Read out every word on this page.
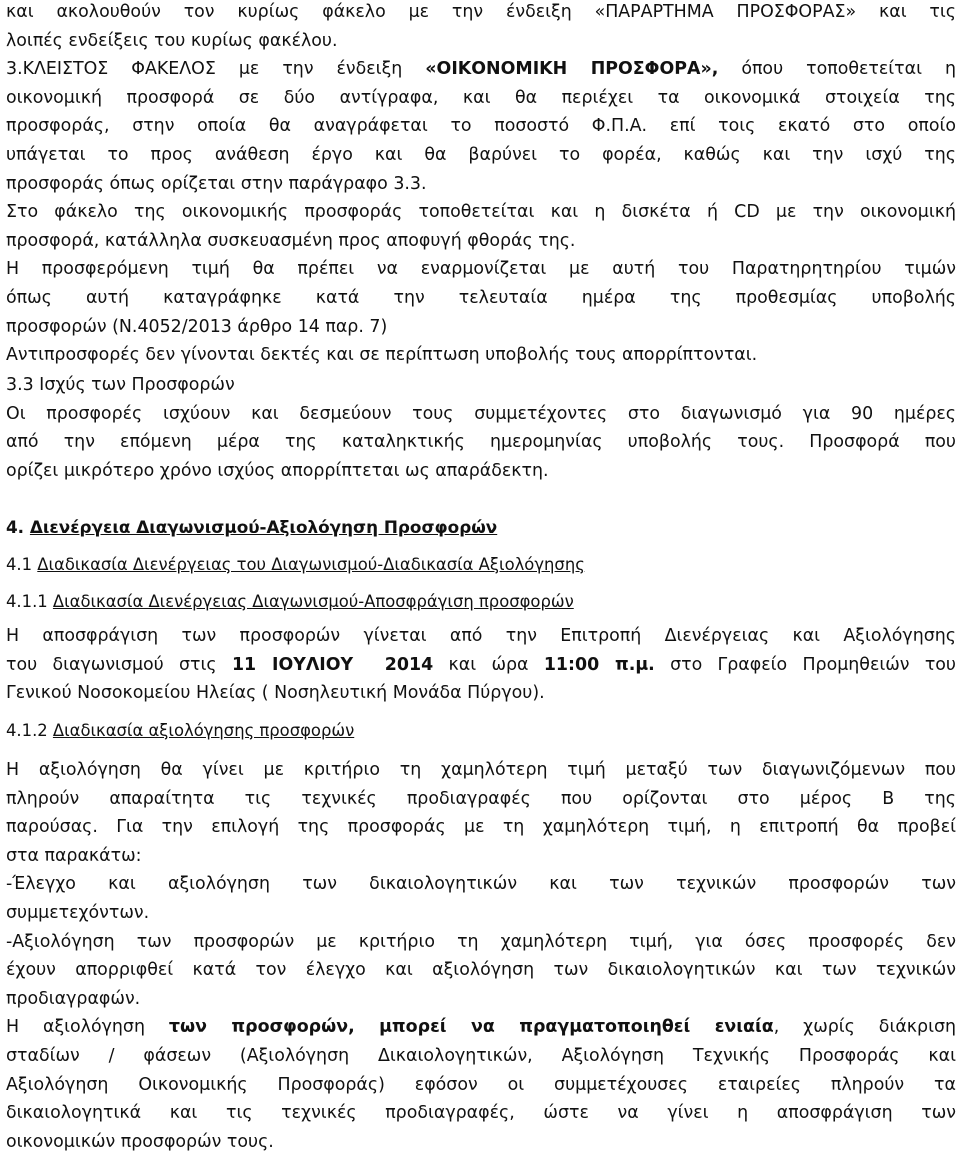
και ακολουθούν τον κυρίως φάκελο με την ένδειξη «ΠΑΡΑΡΤΗΜΑ ΠΡΟΣΦΟΡΑΣ» και τις
λοιπές ενδείξεις του κυρίως φακέλου.
3.ΚΛΕΙΣΤΟΣ ΦΑΚΕΛΟΣ με την ένδειξη «ΟΙΚΟΝΟΜΙΚΗ ΠΡΟΣΦΟΡΑ», όπου τοποθετείται η
οικονομική προσφορά σε δύο αντίγραφα, και θα περιέχει τα οικονομικά στοιχεία της
προσφοράς, στην οποία θα αναγράφεται το ποσοστό Φ.Π.Α. επί τοις εκατό στο οποίο
υπάγεται το προς ανάθεση έργο και θα βαρύνει το φορέα, καθώς και την ισχύ της
προσφοράς όπως ορίζεται στην παράγραφο 3.3.
Στο φάκελο της οικονομικής προσφοράς τοποθετείται και η δισκέτα ή CD με την οικονομική
προσφορά, κατάλληλα συσκευασμένη προς αποφυγή φθοράς της.
Η προσφερόμενη τιμή θα πρέπει να εναρμονίζεται με αυτή του Παρατηρητηρίου τιμών
όπως αυτή καταγράφηκε κατά την τελευταία ημέρα της προθεσμίας υποβολής
προσφορών (Ν.4052/2013 άρθρο 14 παρ. 7)
Αντιπροσφορές δεν γίνονται δεκτές και σε περίπτωση υποβολής τους απορρίπτονται.
3.3 Ισχύς των Προσφορών
Οι προσφορές ισχύουν και δεσμεύουν τους συμμετέχοντες στο διαγωνισμό για 90 ημέρες
από την επόμενη μέρα της καταληκτικής ημερομηνίας υποβολής τους. Προσφορά που
ορίζει μικρότερο χρόνο ισχύος απορρίπτεται ως απαράδεκτη.
4. Διενέργεια Διαγωνισμού-Αξιολόγηση Προσφορών
4.1 Διαδικασία Διενέργειας του Διαγωνισμού-Διαδικασία Αξιολόγησης
4.1.1 Διαδικασία Διενέργειας Διαγωνισμού-Αποσφράγιση προσφορών
Η αποσφράγιση των προσφορών γίνεται από την Επιτροπή Διενέργειας και Αξιολόγησης
του διαγωνισμού στις 11 ΙΟΥΛΙΟΥ  2014 και ώρα 11:00 π.μ. στο Γραφείο Προμηθειών του
Γενικού Νοσοκομείου Ηλείας ( Νοσηλευτική Μονάδα Πύργου).
4.1.2 Διαδικασία αξιολόγησης προσφορών
Η αξιολόγηση θα γίνει με κριτήριο τη χαμηλότερη τιμή μεταξύ των διαγωνιζόμενων που
πληρούν απαραίτητα τις τεχνικές προδιαγραφές που ορίζονται στο μέρος Β της
παρούσας. Για την επιλογή της προσφοράς με τη χαμηλότερη τιμή, η επιτροπή θα προβεί
στα παρακάτω:
-Έλεγχο και αξιολόγηση των δικαιολογητικών και των τεχνικών προσφορών των
συμμετεχόντων.
-Αξιολόγηση των προσφορών με κριτήριο τη χαμηλότερη τιμή, για όσες προσφορές δεν
έχουν απορριφθεί κατά τον έλεγχο και αξιολόγηση των δικαιολογητικών και των τεχνικών
προδιαγραφών.
Η αξιολόγηση των προσφορών, μπορεί να πραγματοποιηθεί ενιαία, χωρίς διάκριση
σταδίων / φάσεων (Αξιολόγηση Δικαιολογητικών, Αξιολόγηση Τεχνικής Προσφοράς και
Αξιολόγηση Οικονομικής Προσφοράς) εφόσον οι συμμετέχουσες εταιρείες πληρούν τα
δικαιολογητικά και τις τεχνικές προδιαγραφές, ώστε να γίνει η αποσφράγιση των
οικονομικών προσφορών τους.
